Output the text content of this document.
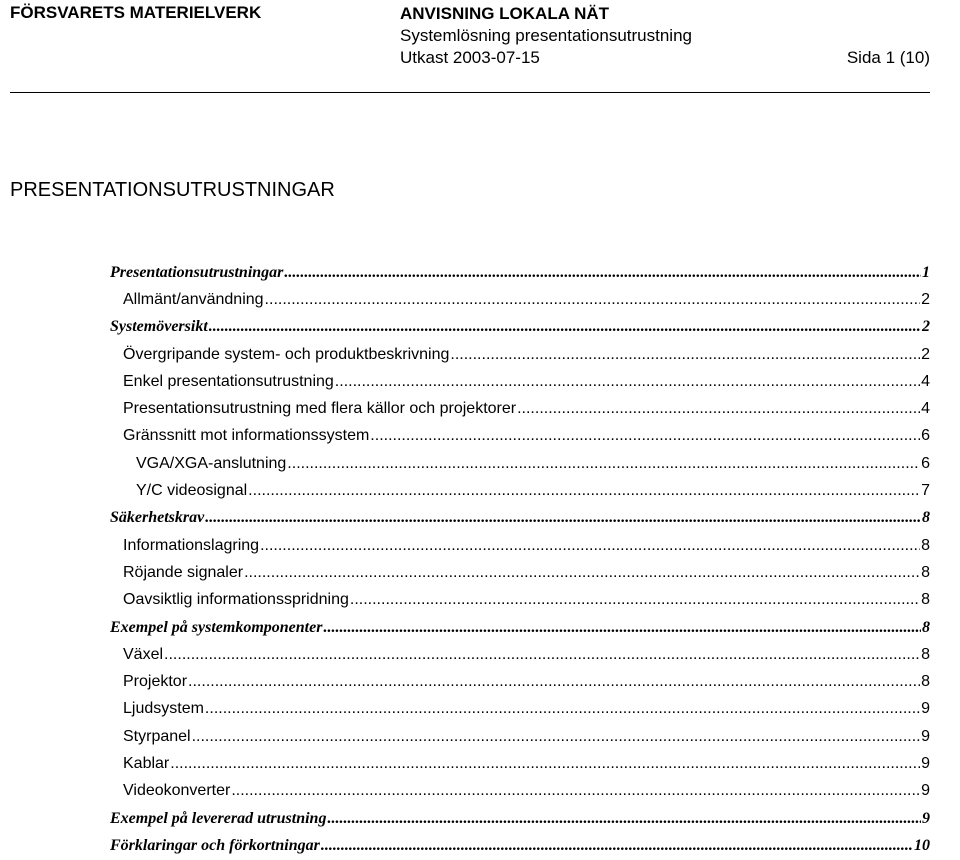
FÖRSVARETS MATERIELVERK	ANVISNING LOKALA NÄT
Systemlösning presentationsutrustning
Utkast 2003-07-15	Sida 1 (10)
PRESENTATIONSUTRUSTNINGAR
Presentationsutrustningar .....	1
Allmänt/användning .....	2
Systemöversikt .....	2
Övergripande system- och produktbeskrivning .....	2
Enkel presentationsutrustning .....	4
Presentationsutrustning med flera källor och projektorer .....	4
Gränssnitt mot informationssystem .....	6
VGA/XGA-anslutning .....	6
Y/C videosignal .....	7
Säkerhetskrav .....	8
Informationslagring .....	8
Röjande signaler .....	8
Oavsiktlig informationsspridning .....	8
Exempel på systemkomponenter .....	8
Växel .....	8
Projektor .....	8
Ljudsystem .....	9
Styrpanel .....	9
Kablar .....	9
Videokonverter .....	9
Exempel på levererad utrustning .....	9
Förklaringar och förkortningar .....	10
